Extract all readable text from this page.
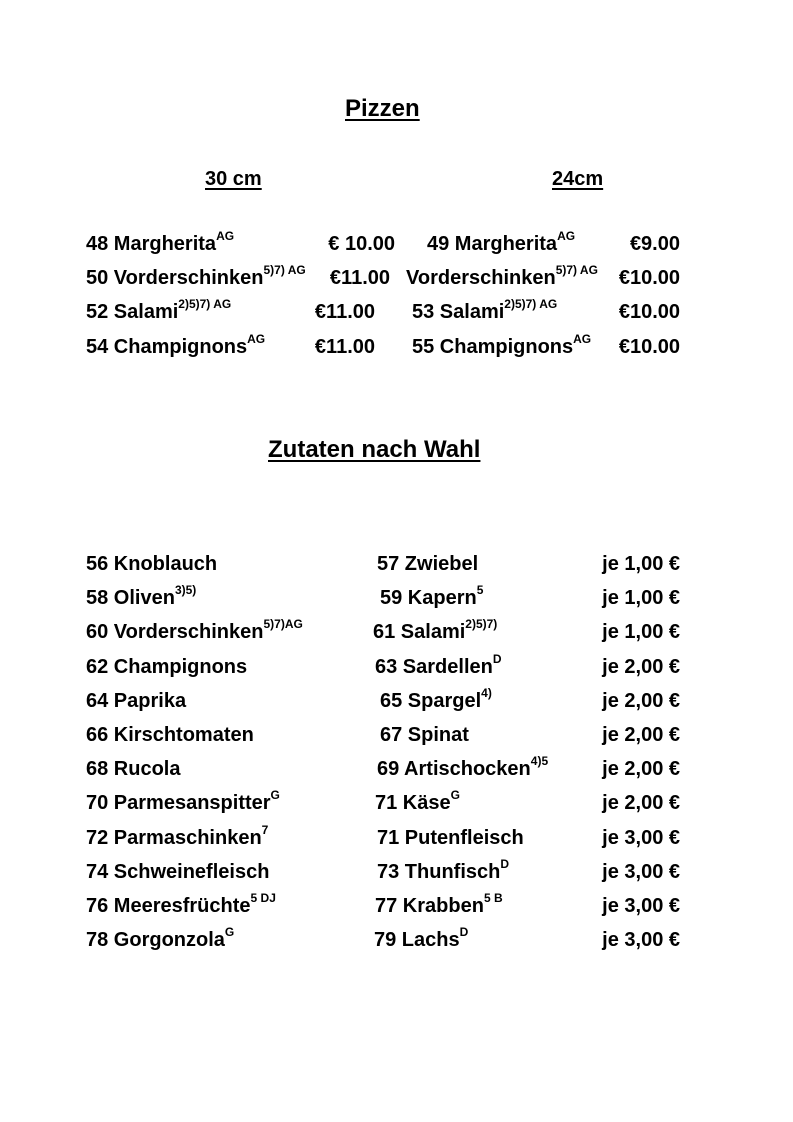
Pizzen
30 cm	24cm
48 Margherita$^{AG}$	€ 10.00 49 Margherita$^{AG}$	€9.00
50 Vorderschinken$^{5)7) AG}$	€11.00 Vorderschinken$^{5)7) AG}$	€10.00
52 Salami$^{2)5)7) AG}$	€11.00 53 Salami$^{2)5)7) AG}$	€10.00
54 Champignons$^{AG}$	€11.00 55 Champignons$^{AG}$	€10.00
Zutaten nach Wahl
56 Knoblauch	57 Zwiebel	je 1,00 €
58 Oliven$^{3)5)}$	59 Kapern$^5$	je 1,00 €
60 Vorderschinken$^{5)7)AG}$	61 Salami$^{2)5)7)}$	je 1,00 €
62 Champignons	63 Sardellen$^D$	je 2,00 €
64 Paprika	65 Spargel$^{4)}$	je 2,00 €
66 Kirschtomaten	67 Spinat	je 2,00 €
68 Rucola	69 Artischocken$^{4)5}$	je 2,00 €
70 Parmesanspitter$^G$	71 Käse$^G$	je 2,00 €
72 Parmaschinken$^7$	71 Putenfleisch	je 3,00 €
74 Schweinefleisch	73 Thunfisch$^D$	je 3,00 €
76 Meeresfrüchte$^{5 DJ}$	77 Krabben$^{5 B}$	je 3,00 €
78 Gorgonzola$^G$	79 Lachs$^D$	je 3,00 €
